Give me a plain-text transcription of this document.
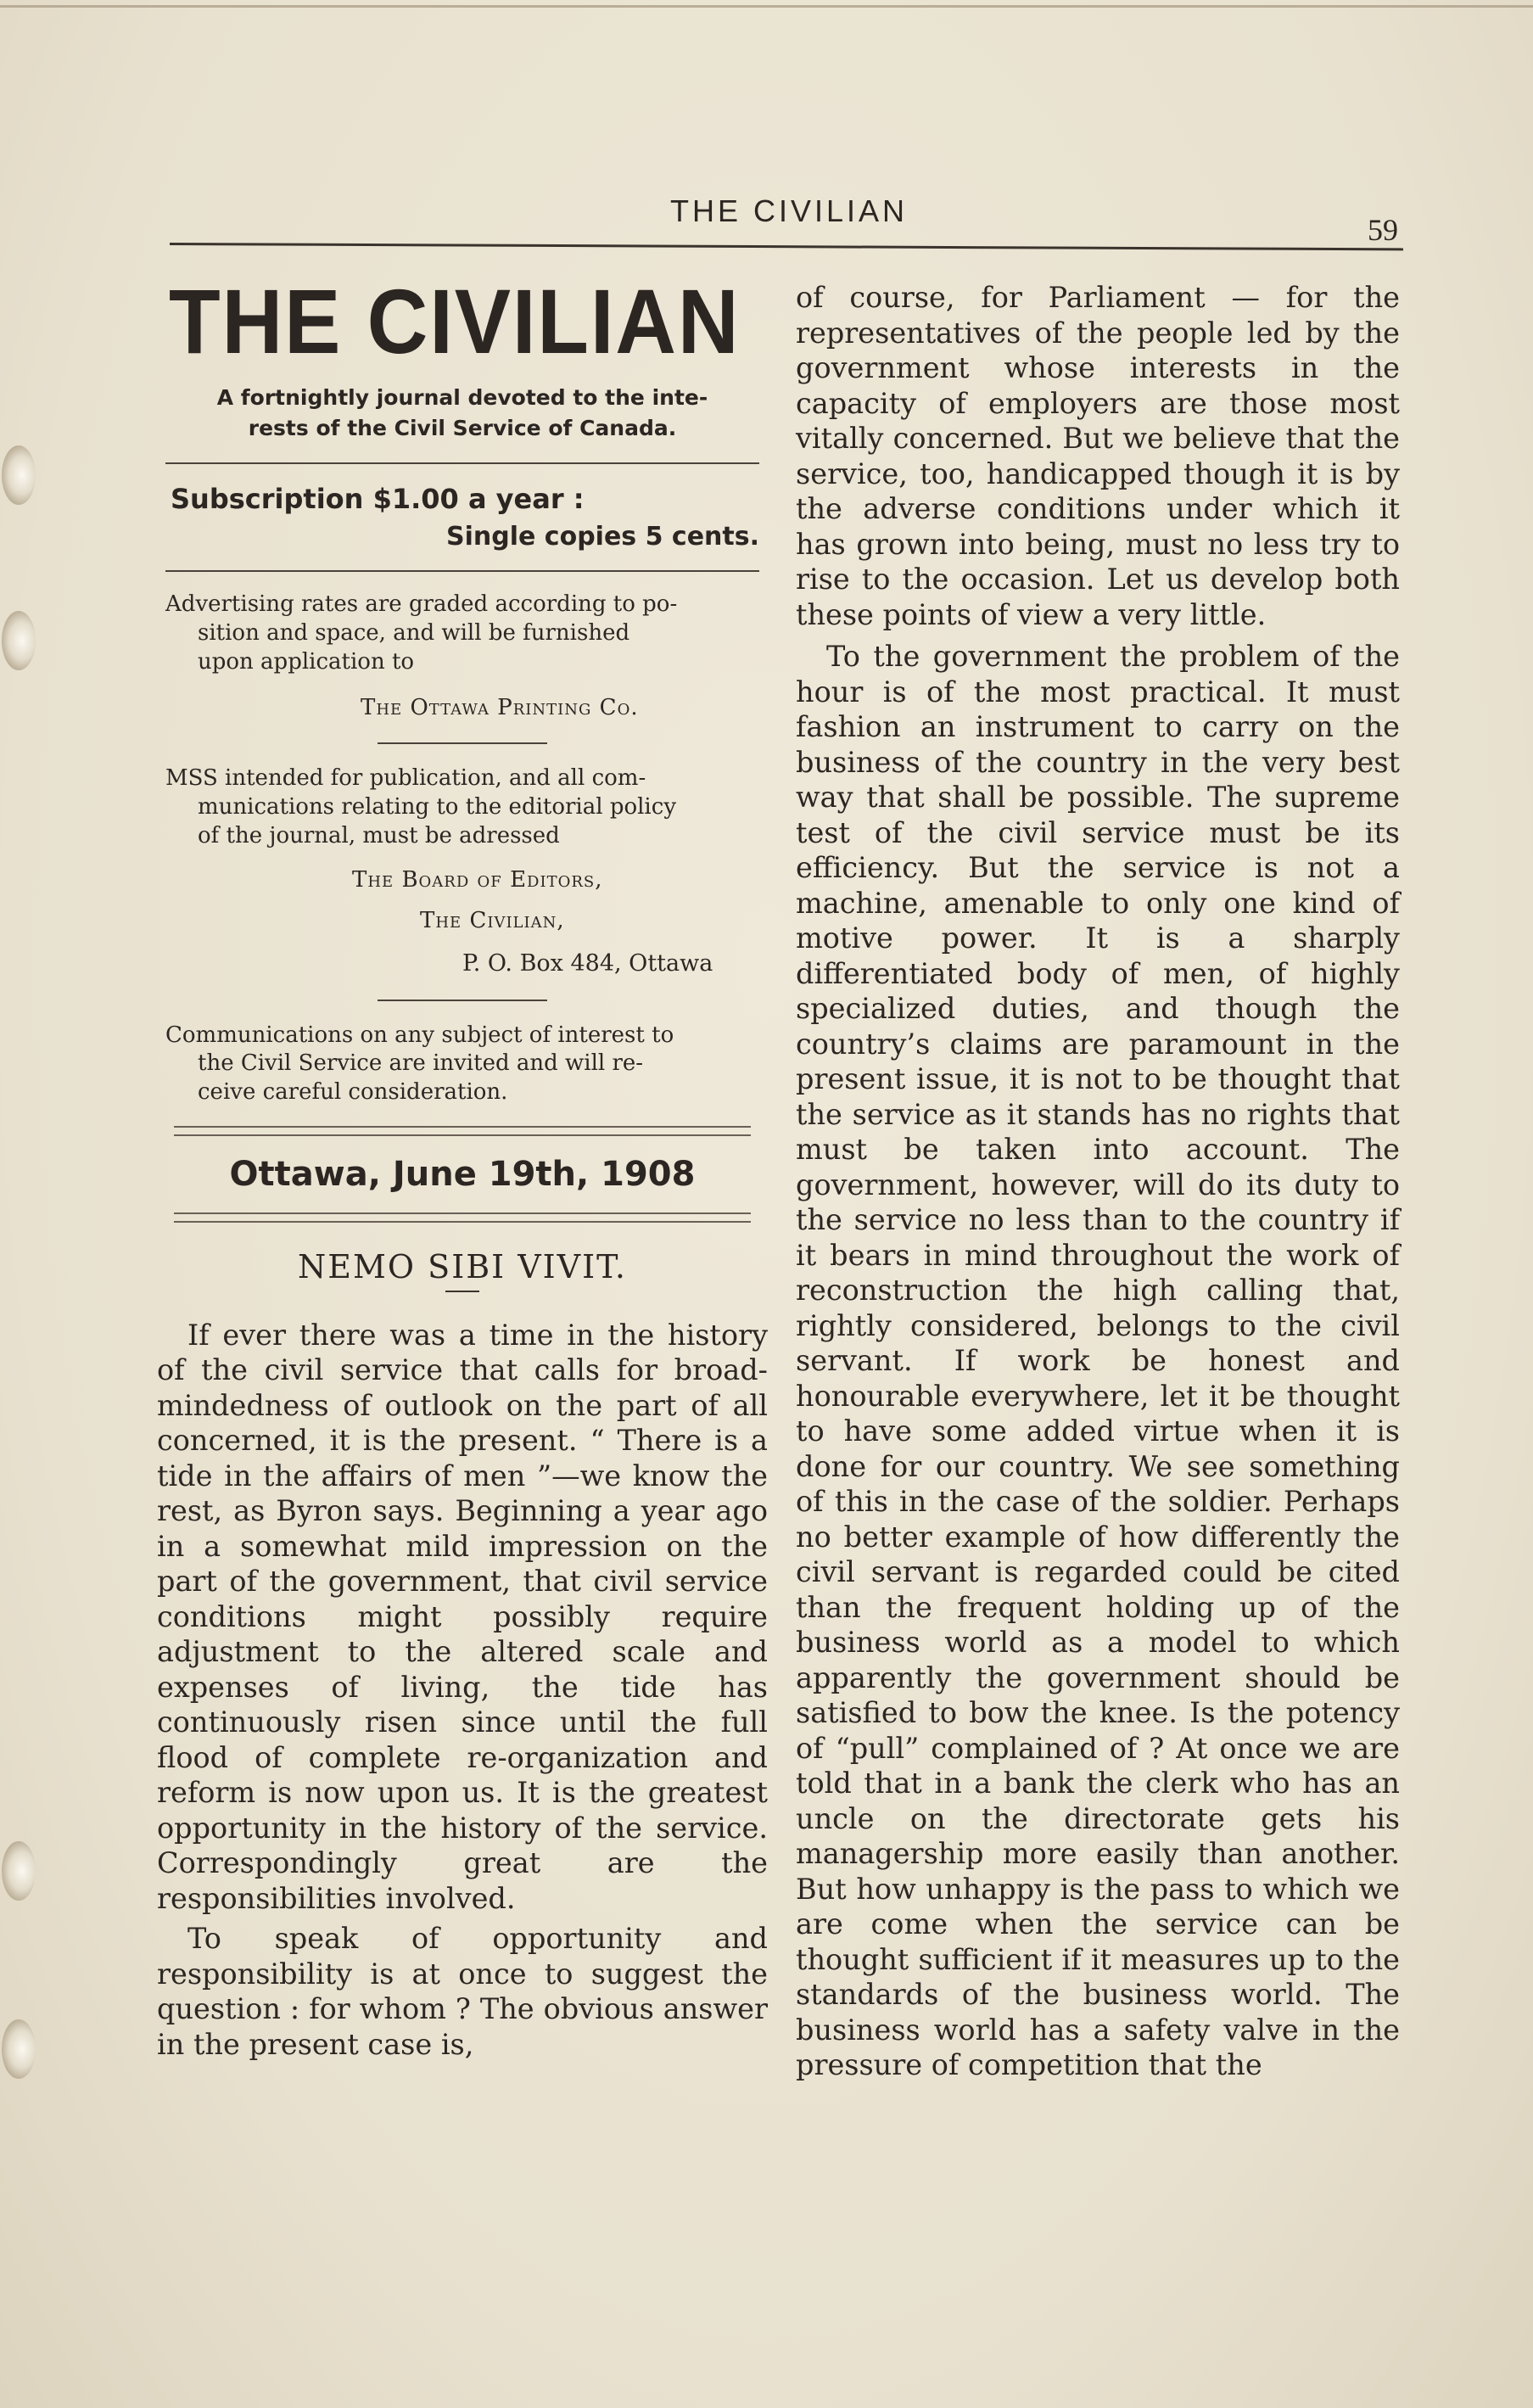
THE CIVILIAN
59
THE CIVILIAN
A fortnightly journal devoted to the inte-
rests of the Civil Service of Canada.
Subscription $1.00 a year :
Single copies 5 cents.
Advertising rates are graded according to po-
sition and space, and will be furnished
upon application to
The Ottawa Printing Co.
MSS intended for publication, and all com-
munications relating to the editorial policy
of the journal, must be adressed
The Board of Editors,
The Civilian,
P. O. Box 484, Ottawa
Communications on any subject of interest to
the Civil Service are invited and will re-
ceive careful consideration.
Ottawa, June 19th, 1908
NEMO SIBI VIVIT.

If ever there was a time in the history of the civil service that calls for broad-mindedness of outlook on the part of all concerned, it is the present. “ There is a tide in the affairs of men ”—we know the rest, as Byron says. Beginning a year ago in a somewhat mild impression on the part of the government, that civil service conditions might possibly require adjustment to the altered scale and expenses of living, the tide has continuously risen since until the full flood of complete re-organization and reform is now upon us. It is the greatest opportunity in the history of the service. Correspondingly great are the responsibilities involved.

To speak of opportunity and responsibility is at once to suggest the question : for whom ? The obvious answer in the present case is,

of course, for Parliament — for the representatives of the people led by the government whose interests in the capacity of employers are those most vitally concerned. But we believe that the service, too, handicapped though it is by the adverse conditions under which it has grown into being, must no less try to rise to the occasion. Let us develop both these points of view a very little.

To the government the problem of the hour is of the most practical. It must fashion an instrument to carry on the business of the country in the very best way that shall be possible. The supreme test of the civil service must be its efficiency. But the service is not a machine, amenable to only one kind of motive power. It is a sharply differentiated body of men, of highly specialized duties, and though the country’s claims are paramount in the present issue, it is not to be thought that the service as it stands has no rights that must be taken into account. The government, however, will do its duty to the service no less than to the country if it bears in mind throughout the work of reconstruction the high calling that, rightly considered, belongs to the civil servant. If work be honest and honourable everywhere, let it be thought to have some added virtue when it is done for our country. We see something of this in the case of the soldier. Perhaps no better example of how differently the civil servant is regarded could be cited than the frequent holding up of the business world as a model to which apparently the government should be satisfied to bow the knee. Is the potency of “pull” complained of ? At once we are told that in a bank the clerk who has an uncle on the directorate gets his managership more easily than another. But how unhappy is the pass to which we are come when the service can be thought sufficient if it measures up to the standards of the business world. The business world has a safety valve in the pressure of competition that the
